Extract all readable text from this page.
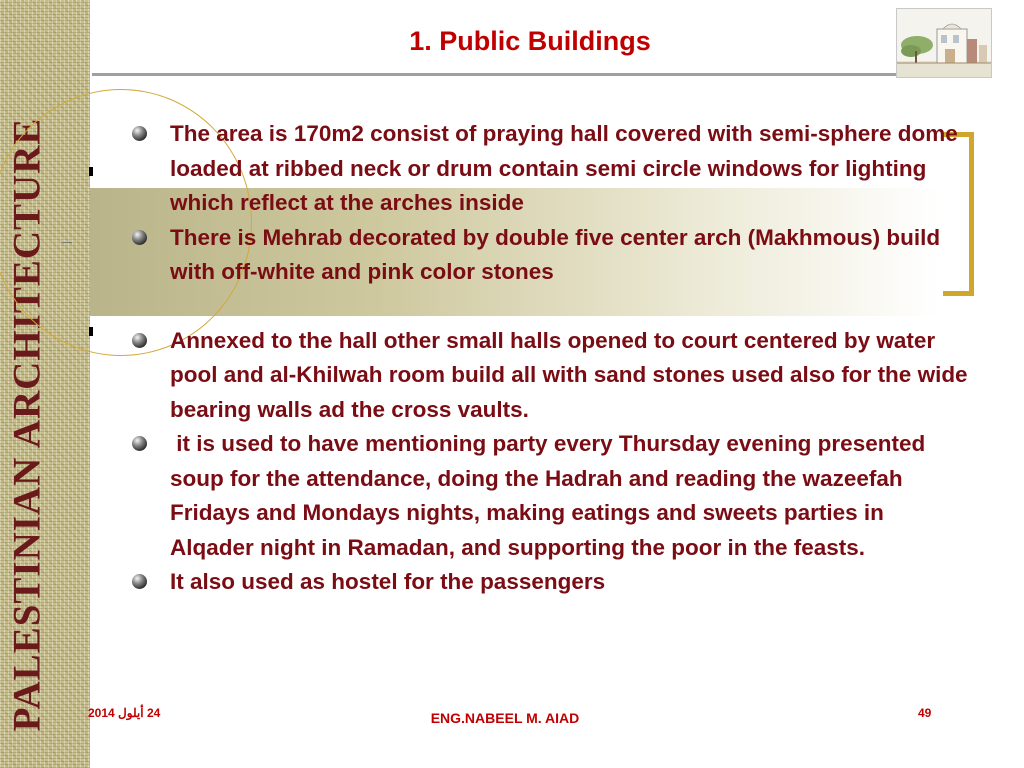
PALESTINIAN ARCHITECTURE
1. Public Buildings
The area is 170m2 consist of praying hall covered with semi-sphere dome loaded at ribbed neck or drum contain semi circle windows for lighting which reflect at the arches inside
There is Mehrab decorated by double five center arch (Makhmous) build with off-white and pink color stones
Annexed to the hall other small halls opened to court centered by water pool and al-Khilwah room build all with sand stones used also for the wide bearing walls ad the cross vaults.
it is used to have mentioning party every Thursday evening presented soup for the attendance, doing the Hadrah and reading the wazeefah Fridays and Mondays nights, making eatings and sweets parties in Alqader night in Ramadan, and supporting the poor in the feasts.
It also used as hostel for the passengers
24 أيلول 2014	ENG.NABEEL M. AIAD	49
